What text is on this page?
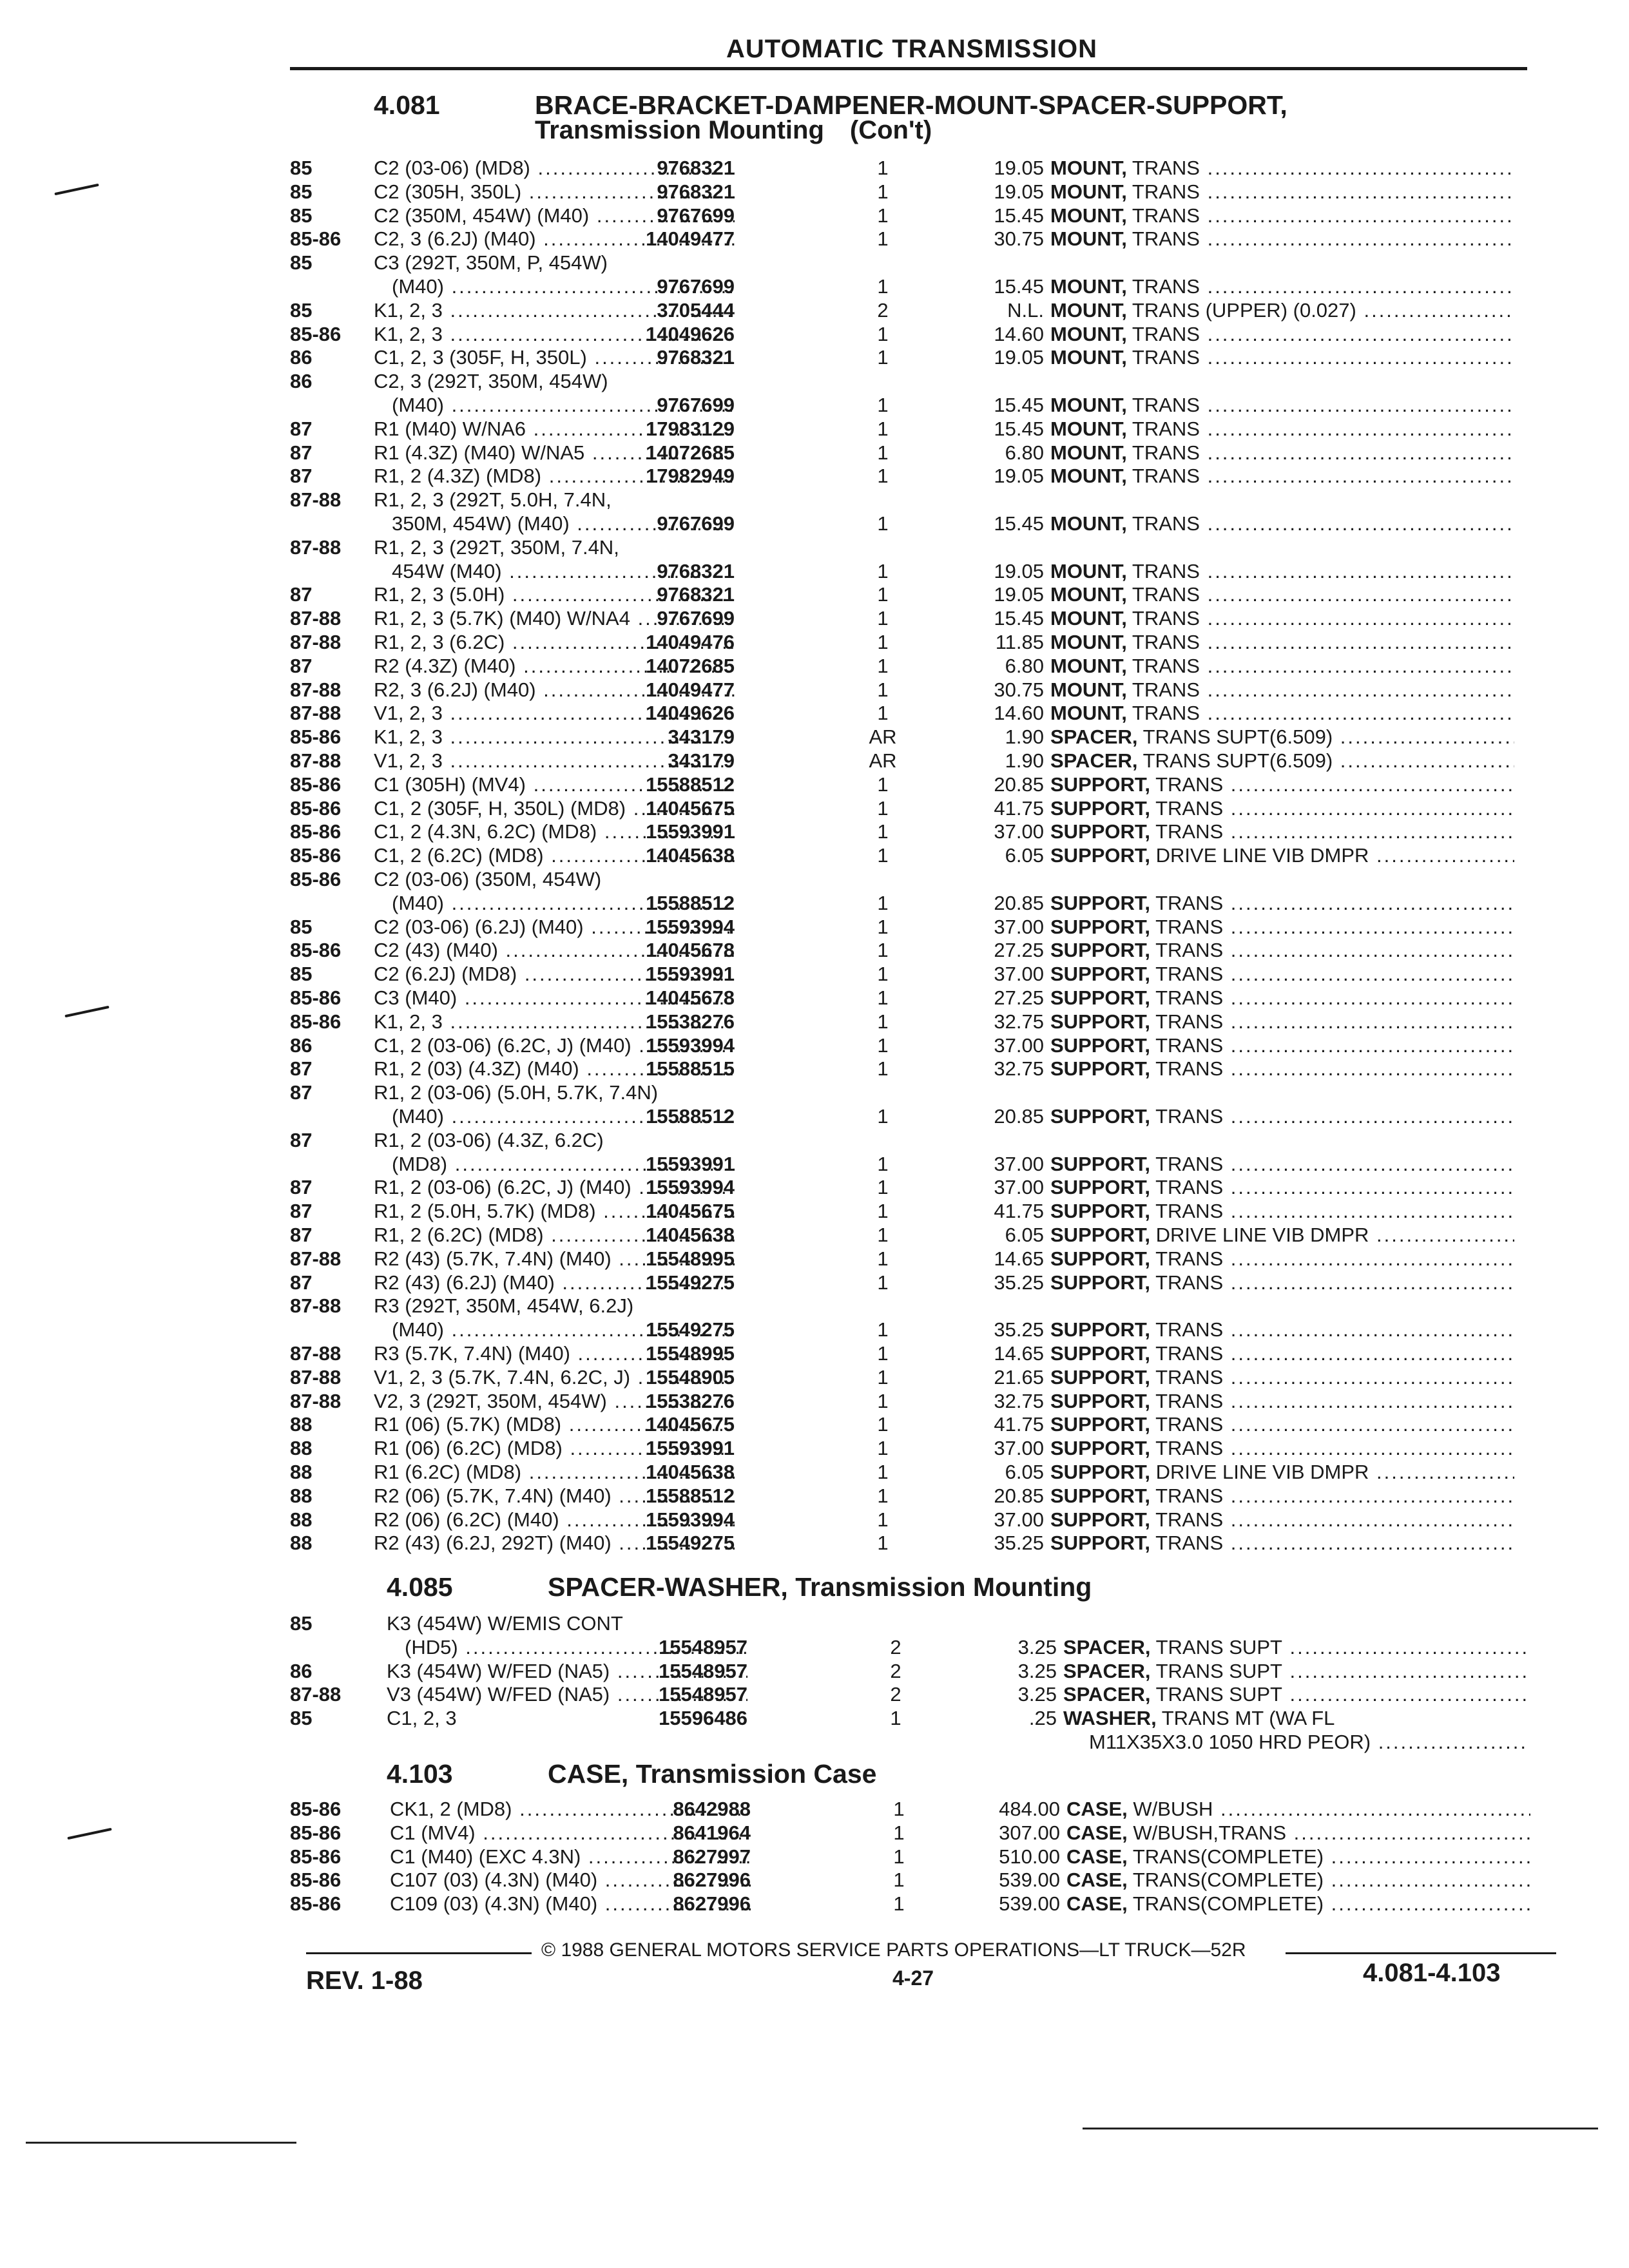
AUTOMATIC TRANSMISSION
4.081	BRACE-BRACKET-DAMPENER-MOUNT-SPACER-SUPPORT,
Transmission Mounting (Con't)
85	C2 (03-06) (MD8) .....	9768321	1	19.05 MOUNT, TRANS .....
85	C2 (305H, 350L) .....	9768321	1	19.05 MOUNT, TRANS .....
85	C2 (350M, 454W) (M40) .....	9767699	1	15.45 MOUNT, TRANS .....
85-86 C2, 3 (6.2J) (M40) .....	14049477	1	30.75 MOUNT, TRANS .....
85	C3 (292T, 350M, P, 454W)
(M40) .....	9767699	1	15.45 MOUNT, TRANS .....
85	K1, 2, 3 .....	3705444	2	N.L. MOUNT, TRANS (UPPER) (0.027) .....
85-86 K1, 2, 3 .....	14049626	1	14.60 MOUNT, TRANS .....
86	C1, 2, 3 (305F, H, 350L) .....	9768321	1	19.05 MOUNT, TRANS .....
86	C2, 3 (292T, 350M, 454W)
(M40) .....	9767699	1	15.45 MOUNT, TRANS .....
87	R1 (M40) W/NA6 .....	17983129	1	15.45 MOUNT, TRANS .....
87	R1 (4.3Z) (M40) W/NA5 .....	14072685	1	6.80 MOUNT, TRANS .....
87	R1, 2 (4.3Z) (MD8) .....	17982949	1	19.05 MOUNT, TRANS .....
87-88 R1, 2, 3 (292T, 5.0H, 7.4N,
350M, 454W) (M40) .....	9767699	1	15.45 MOUNT, TRANS .....
87-88 R1, 2, 3 (292T, 350M, 7.4N,
454W (M40) .....	9768321	1	19.05 MOUNT, TRANS .....
87	R1, 2, 3 (5.0H) .....	9768321	1	19.05 MOUNT, TRANS .....
87-88 R1, 2, 3 (5.7K) (M40) W/NA4 .....	9767699	1	15.45 MOUNT, TRANS .....
87-88 R1, 2, 3 (6.2C) .....	14049476	1	11.85 MOUNT, TRANS .....
87	R2 (4.3Z) (M40) .....	14072685	1	6.80 MOUNT, TRANS .....
87-88 R2, 3 (6.2J) (M40) .....	14049477	1	30.75 MOUNT, TRANS .....
87-88 V1, 2, 3 .....	14049626	1	14.60 MOUNT, TRANS .....
85-86 K1, 2, 3 .....	343179	AR	1.90 SPACER, TRANS SUPT(6.509) .....
87-88 V1, 2, 3 .....	343179	AR	1.90 SPACER, TRANS SUPT(6.509) .....
85-86 C1 (305H) (MV4) .....	15588512	1	20.85 SUPPORT, TRANS .....
85-86 C1, 2 (305F, H, 350L) (MD8) ..... 14045675	1	41.75 SUPPORT, TRANS .....
85-86 C1, 2 (4.3N, 6.2C) (MD8) .....	15593991	1	37.00 SUPPORT, TRANS .....
85-86 C1, 2 (6.2C) (MD8) .....	14045638	1	6.05 SUPPORT, DRIVE LINE VIB DMPR .....
85-86 C2 (03-06) (350M, 454W)
(M40) .....	15588512	1	20.85 SUPPORT, TRANS .....
85	C2 (03-06) (6.2J) (M40) .....	15593994	1	37.00 SUPPORT, TRANS .....
85-86 C2 (43) (M40) .....	14045678	1	27.25 SUPPORT, TRANS .....
85	C2 (6.2J) (MD8) .....	15593991	1	37.00 SUPPORT, TRANS .....
85-86 C3 (M40) .....	14045678	1	27.25 SUPPORT, TRANS .....
85-86 K1, 2, 3 .....	15538276	1	32.75 SUPPORT, TRANS .....
86	C1, 2 (03-06) (6.2C, J) (M40) ..... 15593994	1	37.00 SUPPORT, TRANS .....
87	R1, 2 (03) (4.3Z) (M40) .....	15588515	1	32.75 SUPPORT, TRANS .....
87	R1, 2 (03-06) (5.0H, 5.7K, 7.4N)
(M40) .....	15588512	1	20.85 SUPPORT, TRANS .....
87	R1, 2 (03-06) (4.3Z, 6.2C)
(MD8) .....	15593991	1	37.00 SUPPORT, TRANS .....
87	R1, 2 (03-06) (6.2C, J) (M40) ..... 15593994	1	37.00 SUPPORT, TRANS .....
87	R1, 2 (5.0H, 5.7K) (MD8) .....	14045675	1	41.75 SUPPORT, TRANS .....
87	R1, 2 (6.2C) (MD8) .....	14045638	1	6.05 SUPPORT, DRIVE LINE VIB DMPR .....
87-88 R2 (43) (5.7K, 7.4N) (M40) .....	15548995	1	14.65 SUPPORT, TRANS .....
87	R2 (43) (6.2J) (M40) .....	15549275	1	35.25 SUPPORT, TRANS .....
87-88 R3 (292T, 350M, 454W, 6.2J)
(M40) .....	15549275	1	35.25 SUPPORT, TRANS .....
87-88 R3 (5.7K, 7.4N) (M40) .....	15548995	1	14.65 SUPPORT, TRANS .....
87-88 V1, 2, 3 (5.7K, 7.4N, 6.2C, J) ..... 15548905	1	21.65 SUPPORT, TRANS .....
87-88 V2, 3 (292T, 350M, 454W) .....	15538276	1	32.75 SUPPORT, TRANS .....
88	R1 (06) (5.7K) (MD8) .....	14045675	1	41.75 SUPPORT, TRANS .....
88	R1 (06) (6.2C) (MD8) .....	15593991	1	37.00 SUPPORT, TRANS .....
88	R1 (6.2C) (MD8) .....	14045638	1	6.05 SUPPORT, DRIVE LINE VIB DMPR .....
88	R2 (06) (5.7K, 7.4N) (M40) .....	15588512	1	20.85 SUPPORT, TRANS .....
88	R2 (06) (6.2C) (M40) .....	15593994	1	37.00 SUPPORT, TRANS .....
88	R2 (43) (6.2J, 292T) (M40) .....	15549275	1	35.25 SUPPORT, TRANS .....
4.085	SPACER-WASHER, Transmission Mounting
85	K3 (454W) W/EMIS CONT
(HD5) .....	15548957	2	3.25 SPACER, TRANS SUPT .....
86	K3 (454W) W/FED (NA5) .....	15548957	2	3.25 SPACER, TRANS SUPT .....
87-88 V3 (454W) W/FED (NA5) .....	15548957	2	3.25 SPACER, TRANS SUPT .....
85	C1, 2, 3	15596486	1	.25 WASHER, TRANS MT (WA FL
M11X35X3.0 1050 HRD PEOR) .....
4.103	CASE, Transmission Case
85-86 CK1, 2 (MD8) .....	8642988	1	484.00 CASE, W/BUSH .....
85-86 C1 (MV4) .....	8641964	1	307.00 CASE, W/BUSH,TRANS .....
85-86 C1 (M40) (EXC 4.3N) .....	8627997	1	510.00 CASE, TRANS(COMPLETE) .....
85-86 C107 (03) (4.3N) (M40) .....	8627996	1	539.00 CASE, TRANS(COMPLETE) .....
85-86 C109 (03) (4.3N) (M40) .....	8627996	1	539.00 CASE, TRANS(COMPLETE) .....
© 1988 GENERAL MOTORS SERVICE PARTS OPERATIONS—LT TRUCK—52R
REV. 1-88	4-27	4.081-4.103
